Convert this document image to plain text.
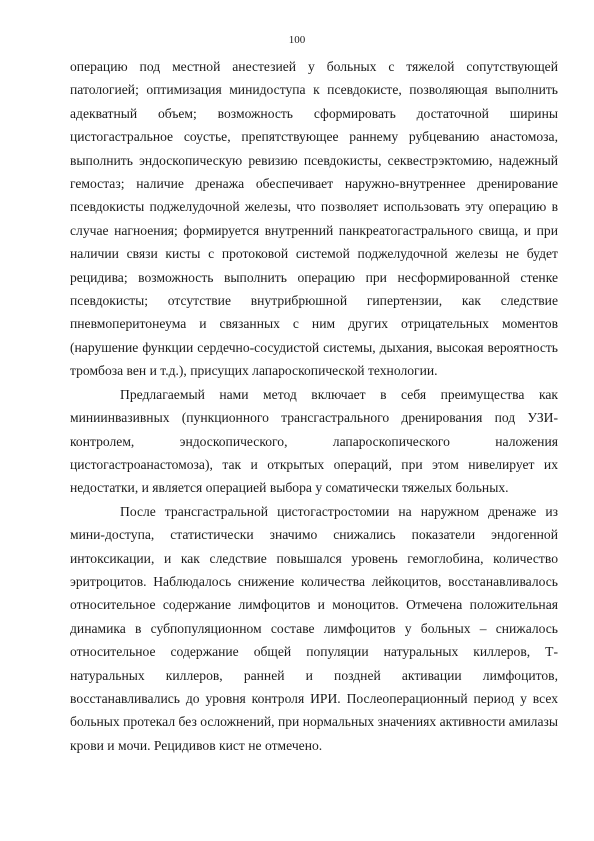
100

операцию под местной анестезией у больных с тяжелой сопутствующей патологией; оптимизация минидоступа к псевдокисте, позволяющая выполнить адекватный объем; возможность сформировать достаточной ширины цистогастральное соустье, препятствующее раннему рубцеванию анастомоза, выполнить эндоскопическую ревизию псевдокисты, секвестрэктомию, надежный гемостаз; наличие дренажа обеспечивает наружно-внутреннее дренирование псевдокисты поджелудочной железы, что позволяет использовать эту операцию в случае нагноения; формируется внутренний панкреатогастрального свища, и при наличии связи кисты с протоковой системой поджелудочной железы не будет рецидива; возможность выполнить операцию при несформированной стенке псевдокисты; отсутствие внутрибрюшной гипертензии, как следствие пневмоперитонеума и связанных с ним других отрицательных моментов (нарушение функции сердечно-сосудистой системы, дыхания, высокая вероятность тромбоза вен и т.д.), присущих лапароскопической технологии.

Предлагаемый нами метод включает в себя преимущества как миниинвазивных (пункционного трансгастрального дренирования под УЗИ-контролем, эндоскопического, лапароскопического наложения цистогастроанастомоза), так и открытых операций, при этом нивелирует их недостатки, и является операцией выбора у соматически тяжелых больных.

После трансгастральной цистогастростомии на наружном дренаже из мини-доступа, статистически значимо снижались показатели эндогенной интоксикации, и как следствие повышался уровень гемоглобина, количество эритроцитов. Наблюдалось снижение количества лейкоцитов, восстанавливалось относительное содержание лимфоцитов и моноцитов. Отмечена положительная динамика в субпопуляционном составе лимфоцитов у больных – снижалось относительное содержание общей популяции натуральных киллеров, Т-натуральных киллеров, ранней и поздней активации лимфоцитов, восстанавливались до уровня контроля ИРИ. Послеоперационный период у всех больных протекал без осложнений, при нормальных значениях активности амилазы крови и мочи. Рецидивов кист не отмечено.
